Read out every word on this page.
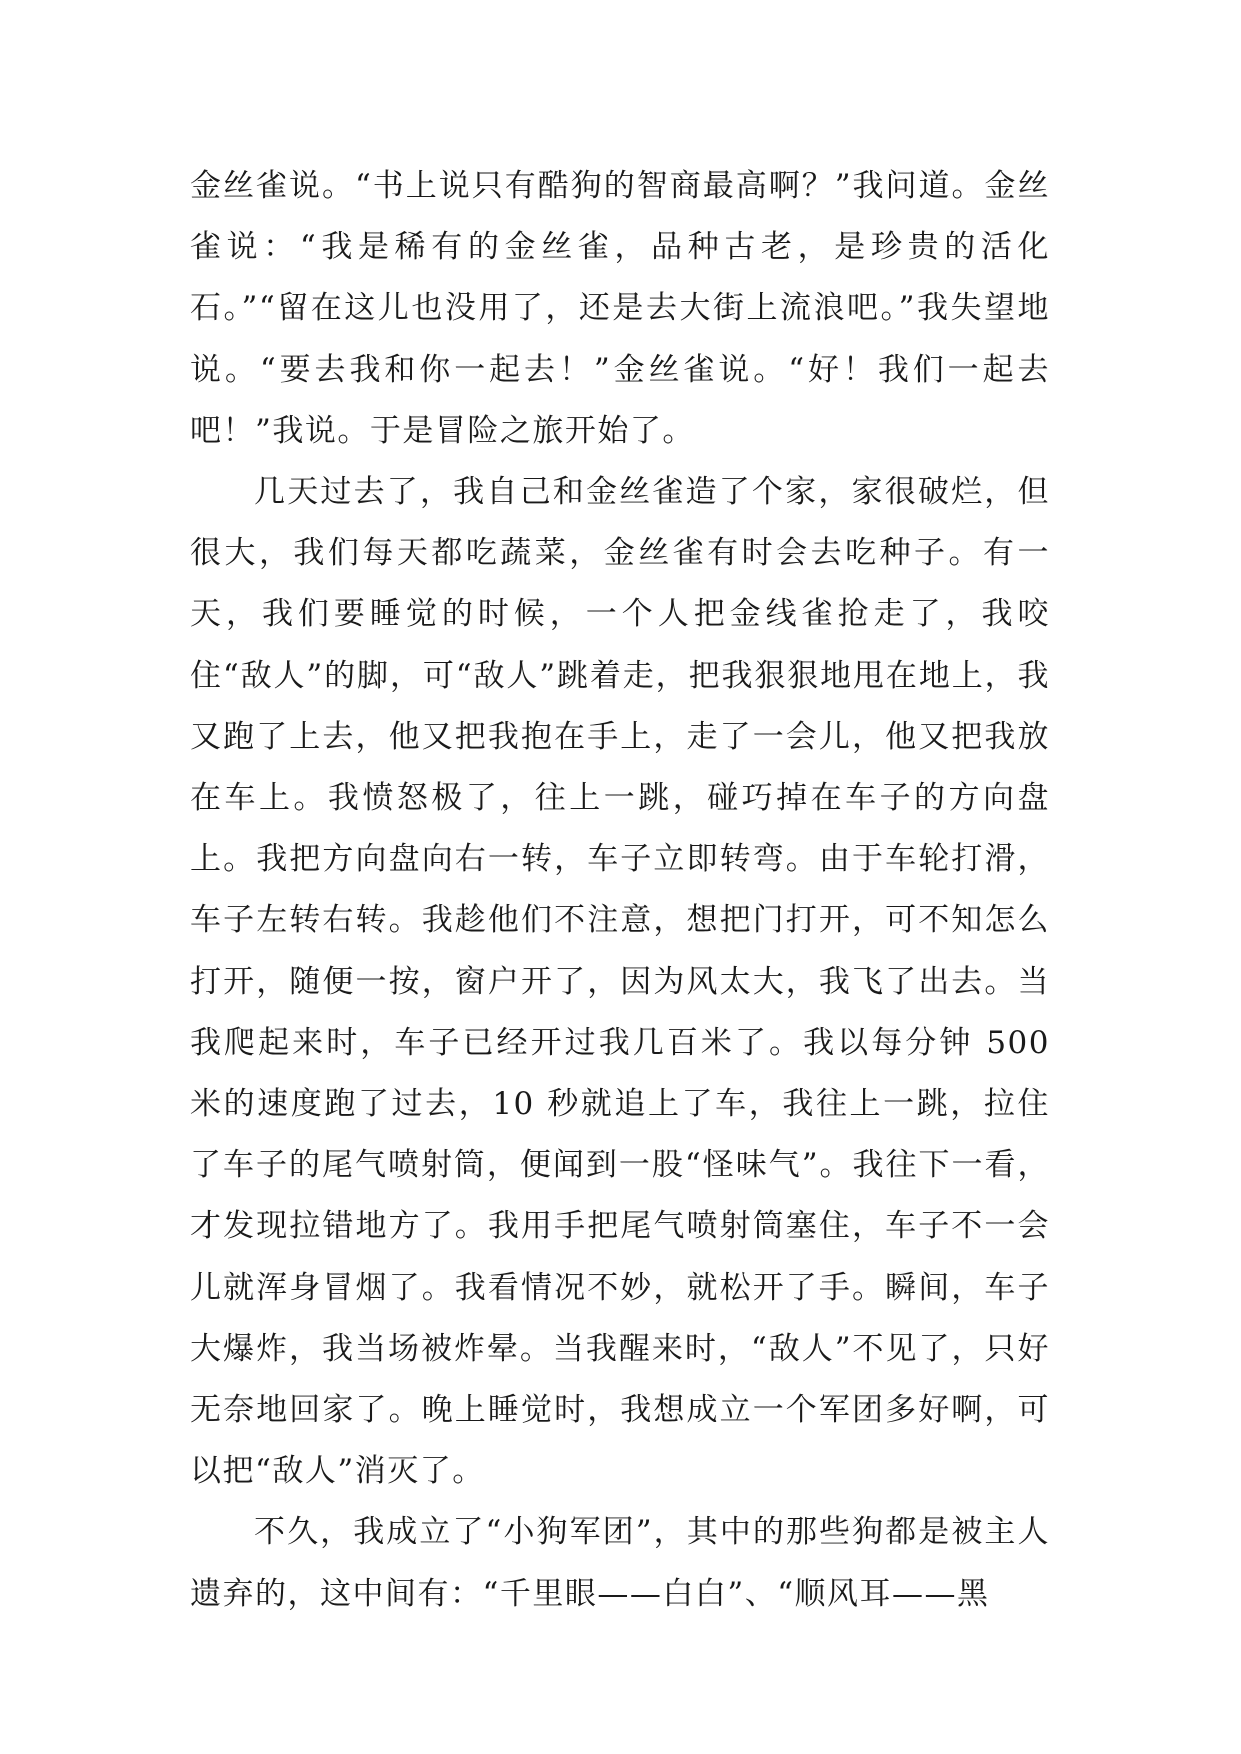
金丝雀说。“书上说只有酷狗的智商最高啊？”我问道。金丝雀说：“我是稀有的金丝雀，品种古老，是珍贵的活化石。”“留在这儿也没用了，还是去大街上流浪吧。”我失望地说。“要去我和你一起去！”金丝雀说。“好！我们一起去吧！”我说。于是冒险之旅开始了。

几天过去了，我自己和金丝雀造了个家，家很破烂，但很大，我们每天都吃蔬菜，金丝雀有时会去吃种子。有一天，我们要睡觉的时候，一个人把金线雀抢走了，我咬住“敌人”的脚，可“敌人”跳着走，把我狠狠地甩在地上，我又跑了上去，他又把我抱在手上，走了一会儿，他又把我放在车上。我愤怒极了，往上一跳，碰巧掉在车子的方向盘上。我把方向盘向右一转，车子立即转弯。由于车轮打滑，车子左转右转。我趁他们不注意，想把门打开，可不知怎么打开，随便一按，窗户开了，因为风太大，我飞了出去。当我爬起来时，车子已经开过我几百米了。我以每分钟 500 米的速度跑了过去，10 秒就追上了车，我往上一跳，拉住了车子的尾气喷射筒，便闻到一股“怪味气”。我往下一看，才发现拉错地方了。我用手把尾气喷射筒塞住，车子不一会儿就浑身冒烟了。我看情况不妙，就松开了手。瞬间，车子大爆炸，我当场被炸晕。当我醒来时，“敌人”不见了，只好无奈地回家了。晚上睡觉时，我想成立一个军团多好啊，可以把“敌人”消灭了。

不久，我成立了“小狗军团”，其中的那些狗都是被主人遗弃的，这中间有：“千里眼——白白”、“顺风耳——黑
